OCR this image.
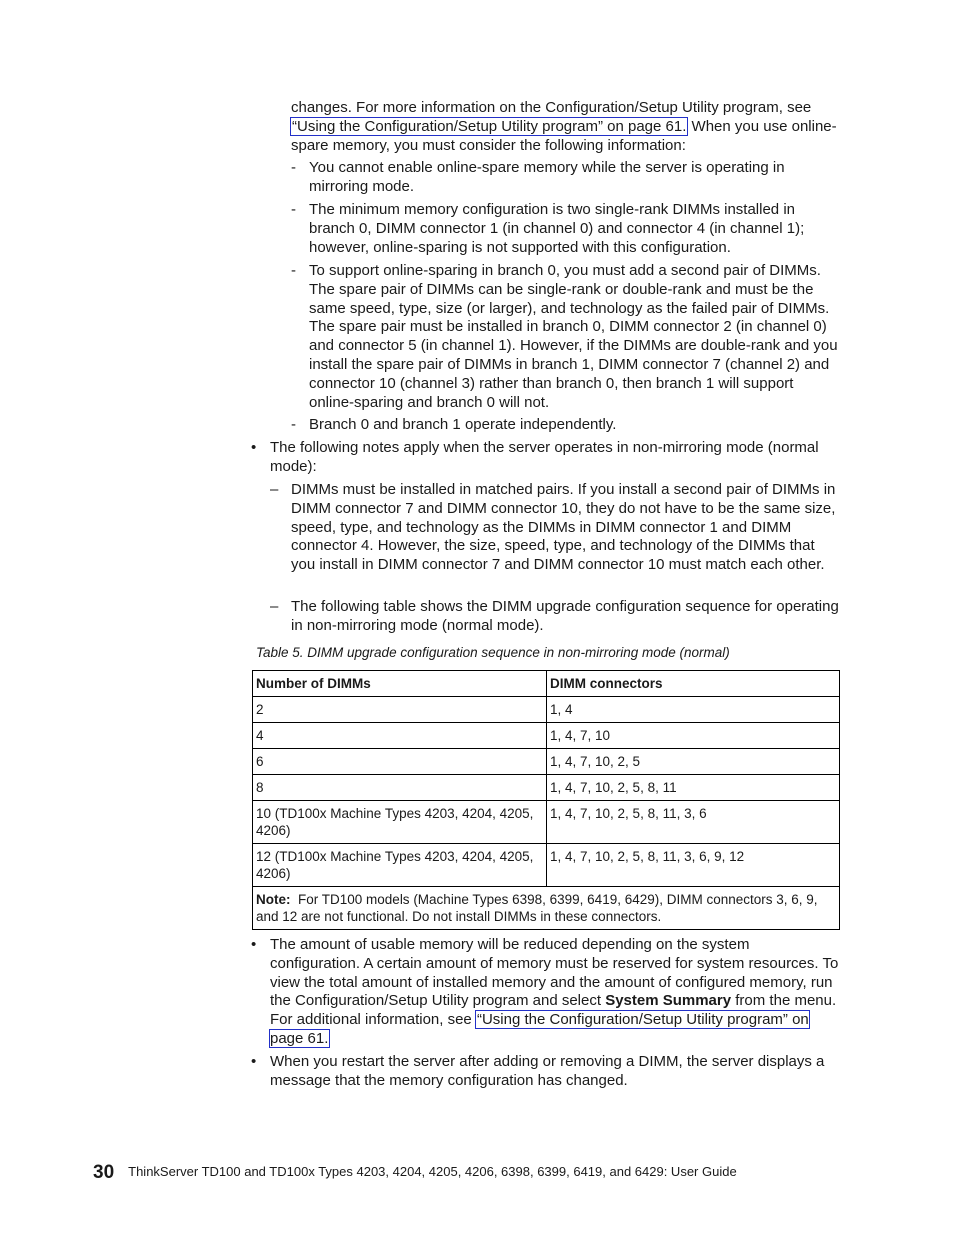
changes. For more information on the Configuration/Setup Utility program, see “Using the Configuration/Setup Utility program” on page 61. When you use online-spare memory, you must consider the following information:

- You cannot enable online-spare memory while the server is operating in mirroring mode.

- The minimum memory configuration is two single-rank DIMMs installed in branch 0, DIMM connector 1 (in channel 0) and connector 4 (in channel 1); however, online-sparing is not supported with this configuration.

- To support online-sparing in branch 0, you must add a second pair of DIMMs. The spare pair of DIMMs can be single-rank or double-rank and must be the same speed, type, size (or larger), and technology as the failed pair of DIMMs. The spare pair must be installed in branch 0, DIMM connector 2 (in channel 0) and connector 5 (in channel 1). However, if the DIMMs are double-rank and you install the spare pair of DIMMs in branch 1, DIMM connector 7 (channel 2) and connector 10 (channel 3) rather than branch 0, then branch 1 will support online-sparing and branch 0 will not.

- Branch 0 and branch 1 operate independently.

• The following notes apply when the server operates in non-mirroring mode (normal mode):

– DIMMs must be installed in matched pairs. If you install a second pair of DIMMs in DIMM connector 7 and DIMM connector 10, they do not have to be the same size, speed, type, and technology as the DIMMs in DIMM connector 1 and DIMM connector 4. However, the size, speed, type, and technology of the DIMMs that you install in DIMM connector 7 and DIMM connector 10 must match each other.

– The following table shows the DIMM upgrade configuration sequence for operating in non-mirroring mode (normal mode).

Table 5. DIMM upgrade configuration sequence in non-mirroring mode (normal)

Number of DIMMs	DIMM connectors
2	1, 4
4	1, 4, 7, 10
6	1, 4, 7, 10, 2, 5
8	1, 4, 7, 10, 2, 5, 8, 11
10 (TD100x Machine Types 4203, 4204, 4205, 4206)	1, 4, 7, 10, 2, 5, 8, 11, 3, 6
12 (TD100x Machine Types 4203, 4204, 4205, 4206)	1, 4, 7, 10, 2, 5, 8, 11, 3, 6, 9, 12
Note: For TD100 models (Machine Types 6398, 6399, 6419, 6429), DIMM connectors 3, 6, 9, and 12 are not functional. Do not install DIMMs in these connectors.	
• The amount of usable memory will be reduced depending on the system configuration. A certain amount of memory must be reserved for system resources. To view the total amount of installed memory and the amount of configured memory, run the Configuration/Setup Utility program and select System Summary from the menu. For additional information, see “Using the Configuration/Setup Utility program” on page 61.

• When you restart the server after adding or removing a DIMM, the server displays a message that the memory configuration has changed.

30 ThinkServer TD100 and TD100x Types 4203, 4204, 4205, 4206, 6398, 6399, 6419, and 6429: User Guide
